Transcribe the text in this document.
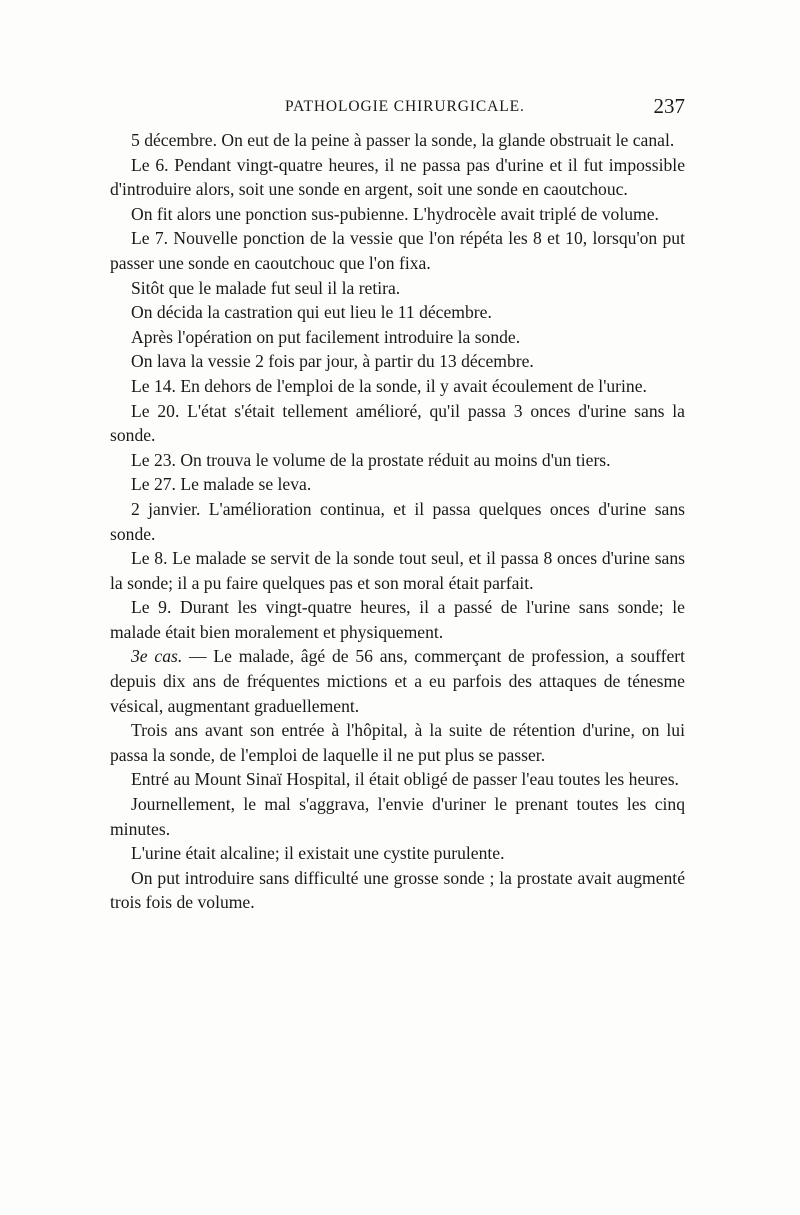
PATHOLOGIE CHIRURGICALE.	237

5 décembre. On eut de la peine à passer la sonde, la glande obstruait le canal.

Le 6. Pendant vingt-quatre heures, il ne passa pas d'urine et il fut impossible d'introduire alors, soit une sonde en argent, soit une sonde en caoutchouc.

On fit alors une ponction sus-pubienne. L'hydrocèle avait triplé de volume.

Le 7. Nouvelle ponction de la vessie que l'on répéta les 8 et 10, lorsqu'on put passer une sonde en caoutchouc que l'on fixa.

Sitôt que le malade fut seul il la retira.

On décida la castration qui eut lieu le 11 décembre.

Après l'opération on put facilement introduire la sonde.

On lava la vessie 2 fois par jour, à partir du 13 décembre.

Le 14. En dehors de l'emploi de la sonde, il y avait écoulement de l'urine.

Le 20. L'état s'était tellement amélioré, qu'il passa 3 onces d'urine sans la sonde.

Le 23. On trouva le volume de la prostate réduit au moins d'un tiers.

Le 27. Le malade se leva.

2 janvier. L'amélioration continua, et il passa quelques onces d'urine sans sonde.

Le 8. Le malade se servit de la sonde tout seul, et il passa 8 onces d'urine sans la sonde; il a pu faire quelques pas et son moral était parfait.

Le 9. Durant les vingt-quatre heures, il a passé de l'urine sans sonde; le malade était bien moralement et physiquement.

3e cas. — Le malade, âgé de 56 ans, commerçant de profession, a souffert depuis dix ans de fréquentes mictions et a eu parfois des attaques de ténesme vésical, augmentant graduellement.

Trois ans avant son entrée à l'hôpital, à la suite de rétention d'urine, on lui passa la sonde, de l'emploi de laquelle il ne put plus se passer.

Entré au Mount Sinaï Hospital, il était obligé de passer l'eau toutes les heures.

Journellement, le mal s'aggrava, l'envie d'uriner le prenant toutes les cinq minutes.

L'urine était alcaline; il existait une cystite purulente.

On put introduire sans difficulté une grosse sonde ; la prostate avait augmenté trois fois de volume.
